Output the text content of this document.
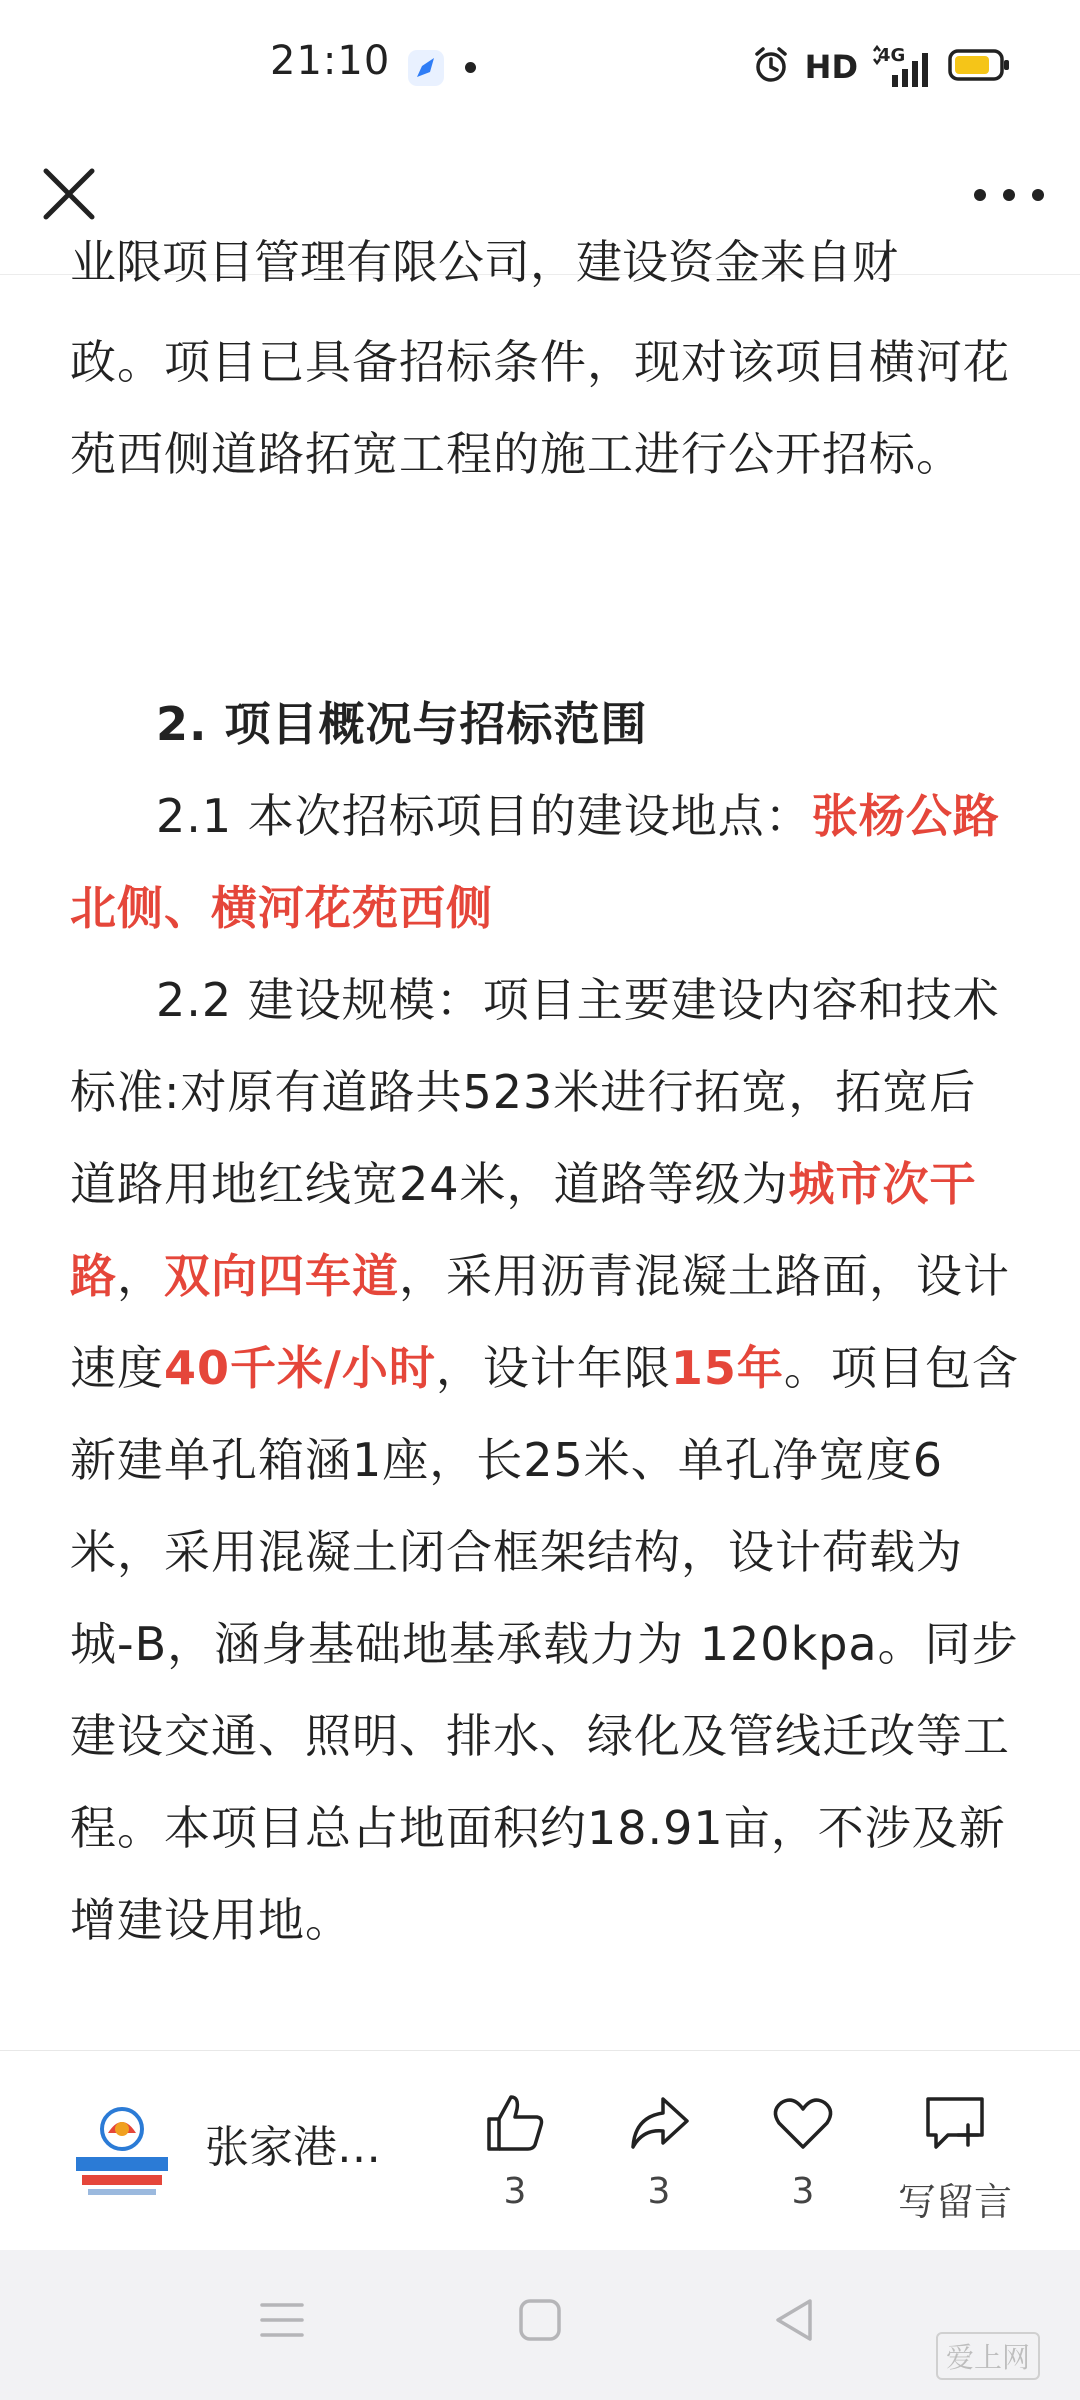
21:10	HD 4G
业限项目管理有限公司，建设资金来自财
政。项目已具备招标条件，现对该项目横河花苑西侧道路拓宽工程的施工进行公开招标。
2. 项目概况与招标范围
2.1 本次招标项目的建设地点：张杨公路北侧、横河花苑西侧
2.2 建设规模：项目主要建设内容和技术标准:对原有道路共523米进行拓宽，拓宽后道路用地红线宽24米，道路等级为城市次干路，双向四车道，采用沥青混凝土路面，设计速度40千米/小时，设计年限15年。项目包含新建单孔箱涵1座，长25米、单孔净宽度6米，采用混凝土闭合框架结构，设计荷载为城-B，涵身基础地基承载力为 120kpa。同步建设交通、照明、排水、绿化及管线迁改等工程。本项目总占地面积约18.91亩，不涉及新增建设用地。
张家港…
3	3	3	写留言
爱上网
